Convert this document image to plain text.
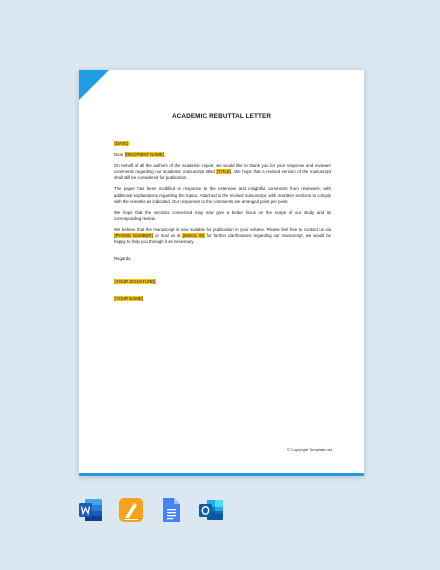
ACADEMIC REBUTTAL LETTER

[DATE]

Dear [RECIPIENT NAME],

On behalf of all the authors of the academic report, we would like to thank you for your response and reviewer comments regarding our academic manuscript titled [TITLE]. We hope that a revised version of the manuscript shall still be considered for publication.

The paper has been modified in response to the extensive and insightful comments from reviewers, with additional explanations regarding the topics. Attached is the revised manuscript, with rewritten sections to comply with the remarks as indicated. Our responses to the comments are arranged point per point.

We hope that the sections concerned may now give a better focus on the scope of our study and its corresponding review.

We believe that the manuscript is now suitable for publication in your volume. Please feel free to contact us via [PHONE NUMBER] or mail us at [EMAIL ID] for further clarifications regarding our manuscript, we would be happy to help you through it as necessary.

Regards,

[YOUR SIGNATURE]

[YOUR NAME]

© Copyright Template.net
